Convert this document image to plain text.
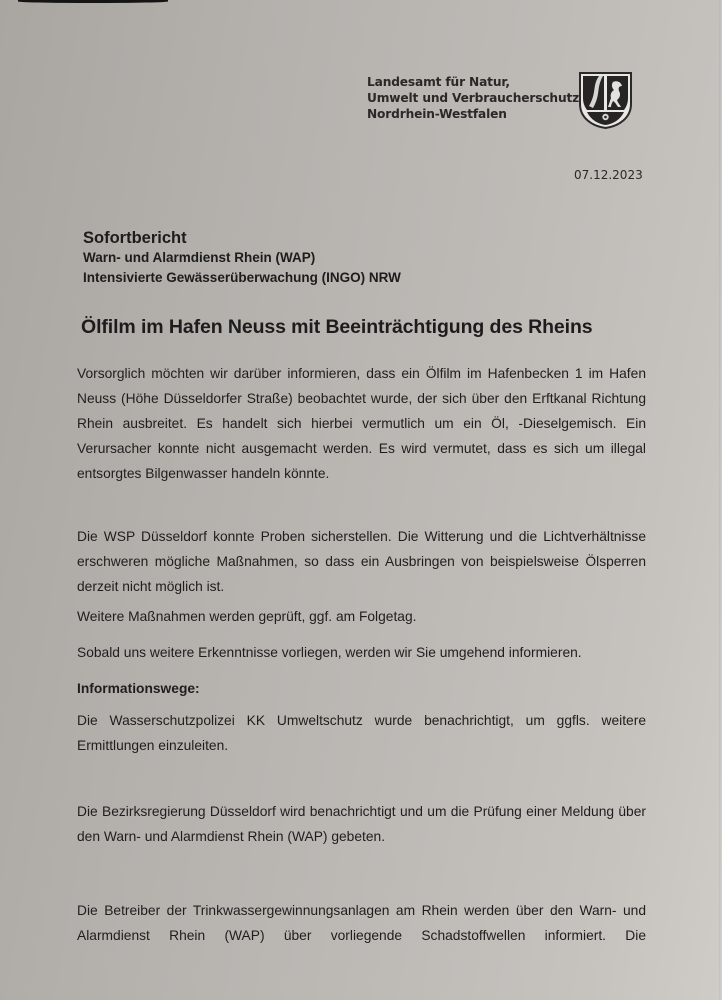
Landesamt für Natur,
Umwelt und Verbraucherschutz
Nordrhein-Westfalen
07.12.2023
Sofortbericht
Warn- und Alarmdienst Rhein (WAP)
Intensivierte Gewässerüberwachung (INGO) NRW
Ölfilm im Hafen Neuss mit Beeinträchtigung des Rheins
Vorsorglich möchten wir darüber informieren, dass ein Ölfilm im Hafenbecken 1 im Hafen Neuss (Höhe Düsseldorfer Straße) beobachtet wurde, der sich über den Erftkanal Richtung Rhein ausbreitet. Es handelt sich hierbei vermutlich um ein Öl, -Dieselgemisch. Ein Verursacher konnte nicht ausgemacht werden. Es wird vermutet, dass es sich um illegal entsorgtes Bilgenwasser handeln könnte.
Die WSP Düsseldorf konnte Proben sicherstellen. Die Witterung und die Lichtverhältnisse erschweren mögliche Maßnahmen, so dass ein Ausbringen von beispielsweise Ölsperren derzeit nicht möglich ist.
Weitere Maßnahmen werden geprüft, ggf. am Folgetag.
Sobald uns weitere Erkenntnisse vorliegen, werden wir Sie umgehend informieren.
Informationswege:
Die Wasserschutzpolizei KK Umweltschutz wurde benachrichtigt, um ggfls. weitere Ermittlungen einzuleiten.
Die Bezirksregierung Düsseldorf wird benachrichtigt und um die Prüfung einer Meldung über den Warn- und Alarmdienst Rhein (WAP) gebeten.
Die Betreiber der Trinkwassergewinnungsanlagen am Rhein werden über den Warn- und Alarmdienst Rhein (WAP) über vorliegende Schadstoffwellen informiert. Die
